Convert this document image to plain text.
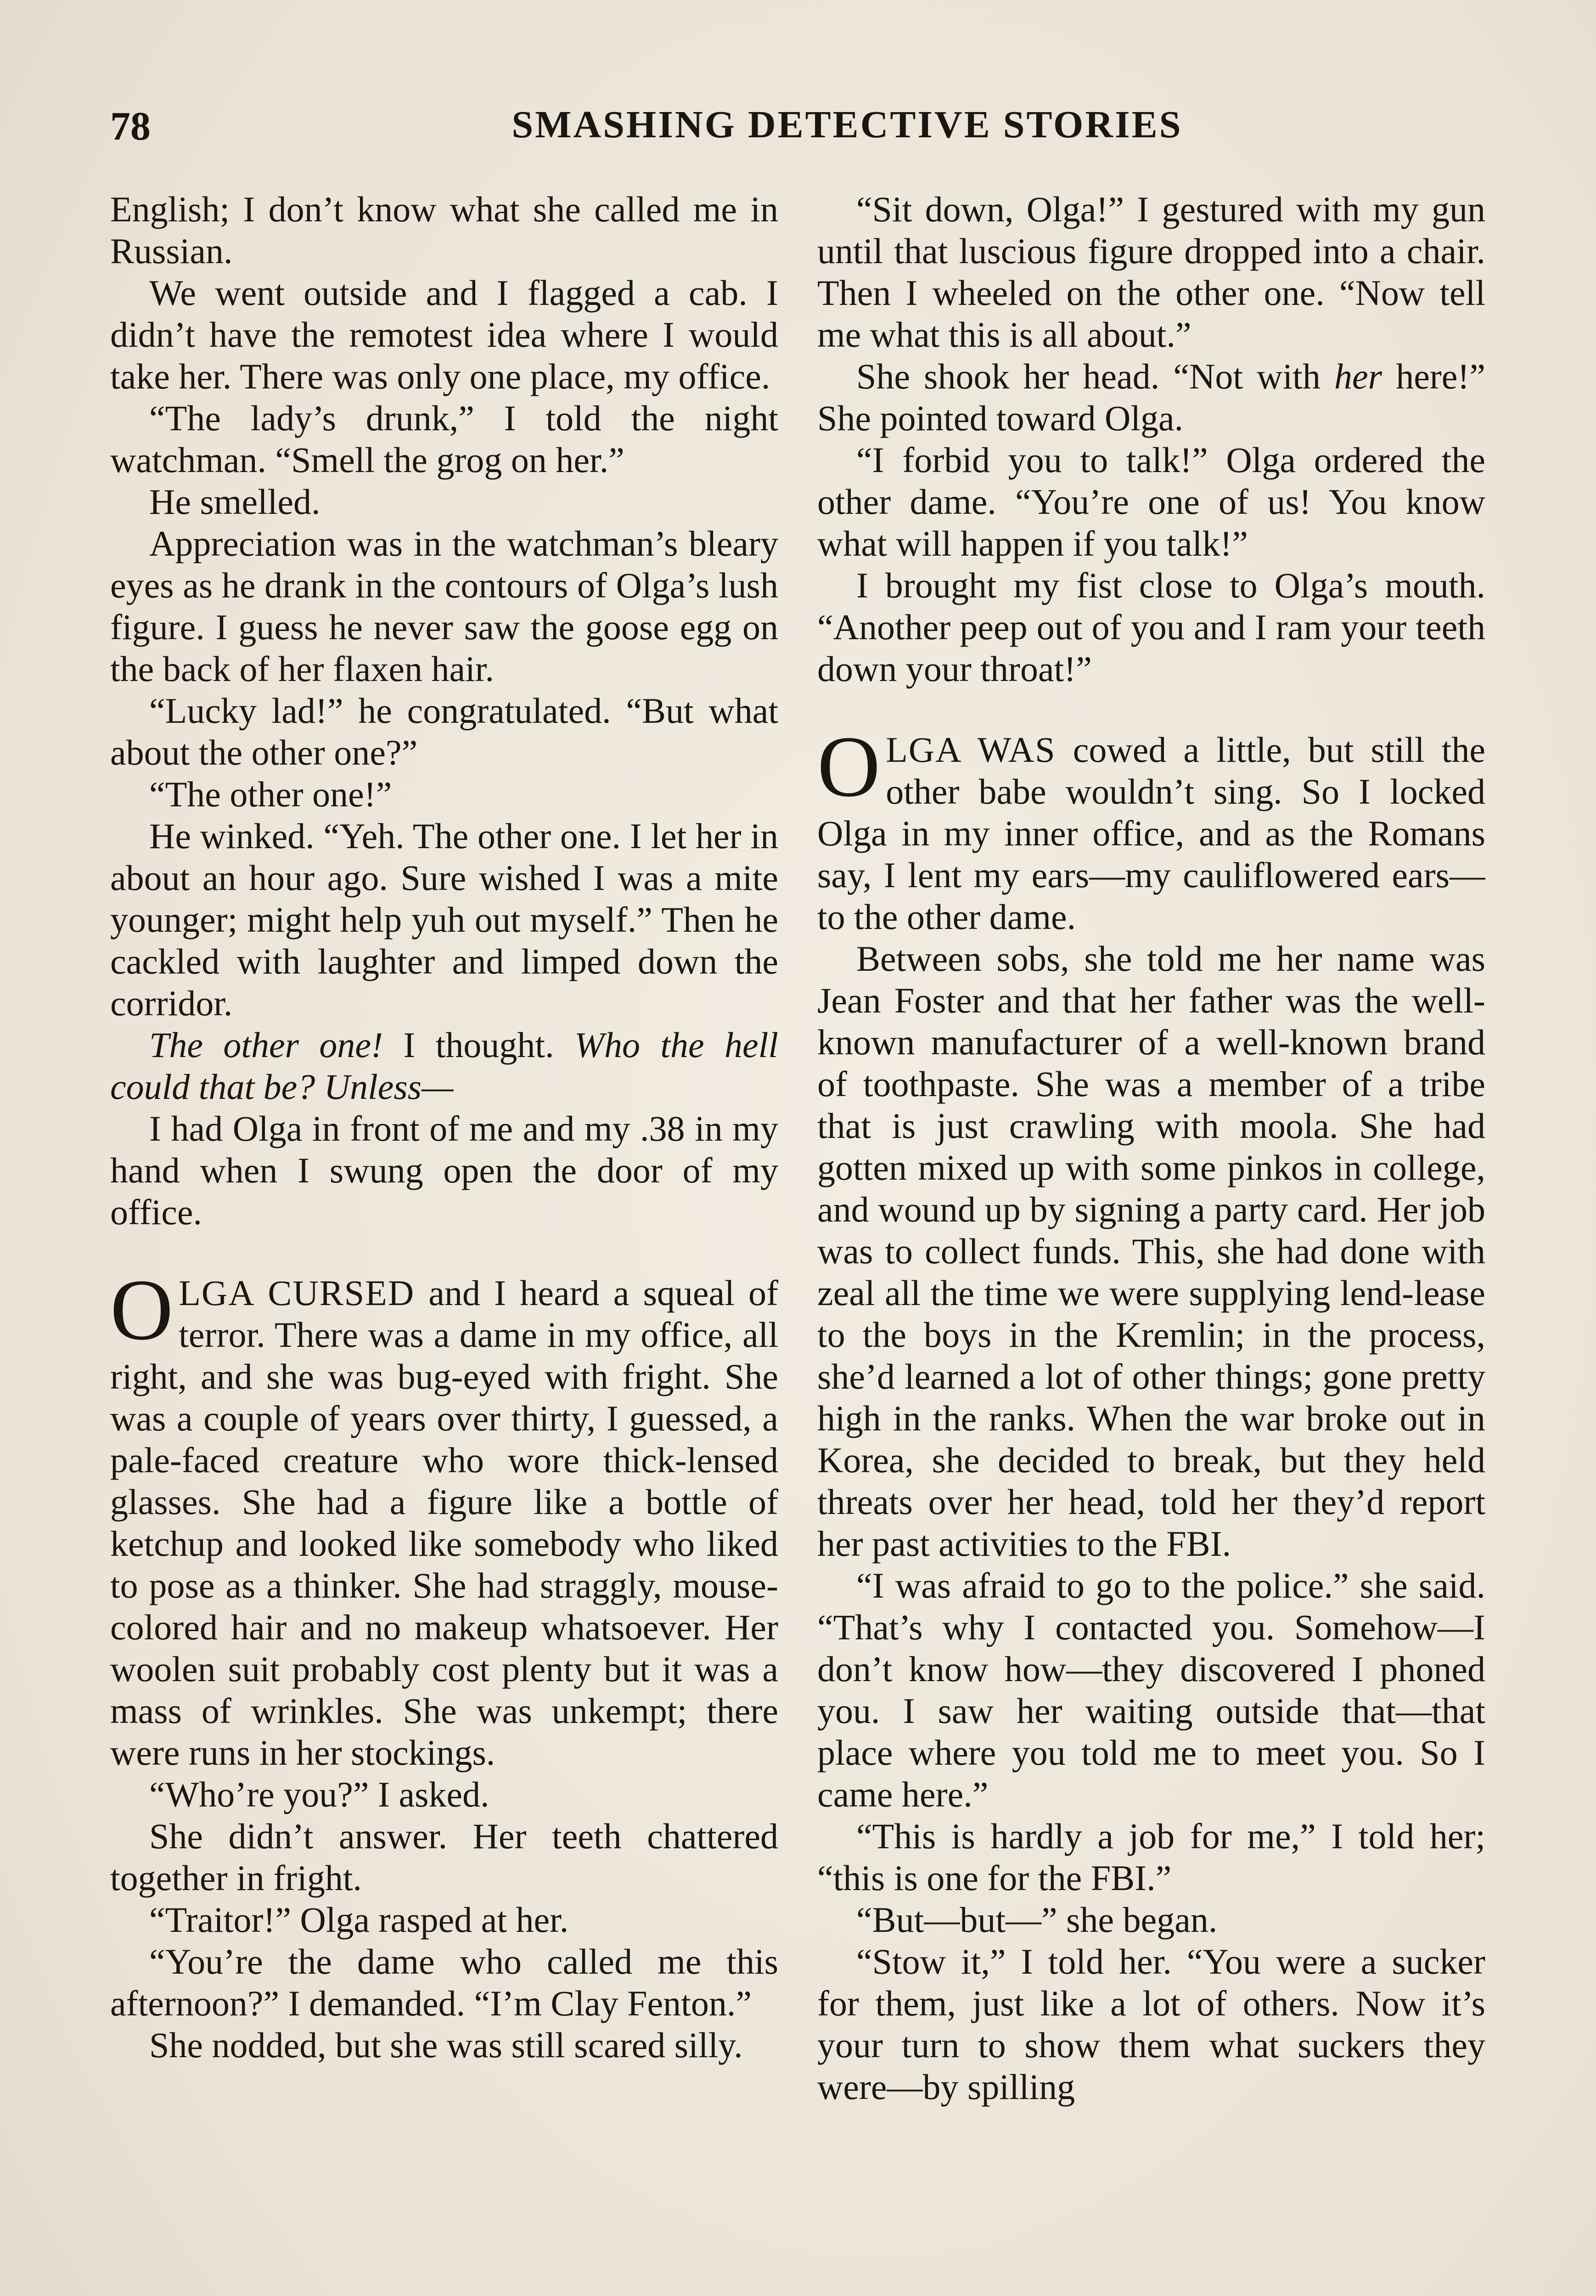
78	SMASHING DETECTIVE STORIES

English; I don’t know what she called me in Russian.

We went outside and I flagged a cab. I didn’t have the remotest idea where I would take her. There was only one place, my office.

“The lady’s drunk,” I told the night watchman. “Smell the grog on her.”

He smelled.

Appreciation was in the watchman’s bleary eyes as he drank in the contours of Olga’s lush figure. I guess he never saw the goose egg on the back of her flaxen hair.

“Lucky lad!” he congratulated. “But what about the other one?”

“The other one!”

He winked. “Yeh. The other one. I let her in about an hour ago. Sure wished I was a mite younger; might help yuh out myself.” Then he cackled with laughter and limped down the corridor.

The other one! I thought. Who the hell could that be? Unless—

I had Olga in front of me and my .38 in my hand when I swung open the door of my office.

OLGA CURSED and I heard a squeal of terror. There was a dame in my office, all right, and she was bug-eyed with fright. She was a couple of years over thirty, I guessed, a pale-faced creature who wore thick-lensed glasses. She had a figure like a bottle of ketchup and looked like somebody who liked to pose as a thinker. She had straggly, mouse-colored hair and no makeup whatsoever. Her woolen suit probably cost plenty but it was a mass of wrinkles. She was unkempt; there were runs in her stockings.

“Who’re you?” I asked.

She didn’t answer. Her teeth chattered together in fright.

“Traitor!” Olga rasped at her.

“You’re the dame who called me this afternoon?” I demanded. “I’m Clay Fenton.”

She nodded, but she was still scared silly.

“Sit down, Olga!” I gestured with my gun until that luscious figure dropped into a chair. Then I wheeled on the other one. “Now tell me what this is all about.”

She shook her head. “Not with her here!” She pointed toward Olga.

“I forbid you to talk!” Olga ordered the other dame. “You’re one of us! You know what will happen if you talk!”

I brought my fist close to Olga’s mouth. “Another peep out of you and I ram your teeth down your throat!”

OLGA WAS cowed a little, but still the other babe wouldn’t sing. So I locked Olga in my inner office, and as the Romans say, I lent my ears—my cauliflowered ears—to the other dame.

Between sobs, she told me her name was Jean Foster and that her father was the well-known manufacturer of a well-known brand of toothpaste. She was a member of a tribe that is just crawling with moola. She had gotten mixed up with some pinkos in college, and wound up by signing a party card. Her job was to collect funds. This, she had done with zeal all the time we were supplying lend-lease to the boys in the Kremlin; in the process, she’d learned a lot of other things; gone pretty high in the ranks. When the war broke out in Korea, she decided to break, but they held threats over her head, told her they’d report her past activities to the FBI.

“I was afraid to go to the police.” she said. “That’s why I contacted you. Somehow—I don’t know how—they discovered I phoned you. I saw her waiting outside that—that place where you told me to meet you. So I came here.”

“This is hardly a job for me,” I told her; “this is one for the FBI.”

“But—but—” she began.

“Stow it,” I told her. “You were a sucker for them, just like a lot of others. Now it’s your turn to show them what suckers they were—by spilling
